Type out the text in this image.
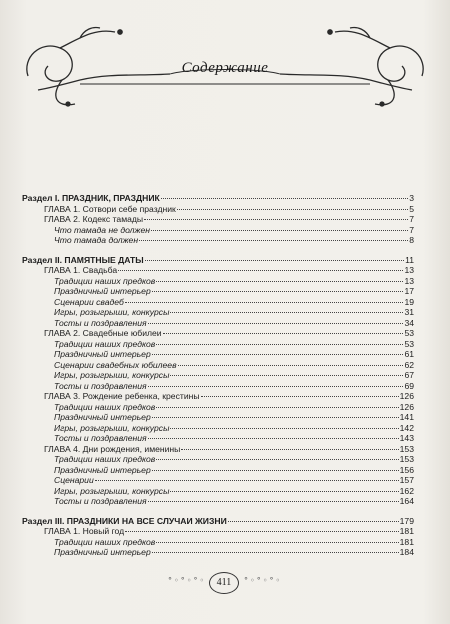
Содержание
Раздел I. ПРАЗДНИК, ПРАЗДНИК	3
ГЛАВА 1. Сотвори себе праздник	5
ГЛАВА 2. Кодекс тамады	7
Что тамада не должен	7
Что тамада должен	8
Раздел II. ПАМЯТНЫЕ ДАТЫ	11
ГЛАВА 1. Свадьба	13
Традиции наших предков	13
Праздничный интерьер	17
Сценарии свадеб	19
Игры, розыгрыши, конкурсы	31
Тосты и поздравления	34
ГЛАВА 2. Свадебные юбилеи	53
Традиции наших предков	53
Праздничный интерьер	61
Сценарии свадебных юбилеев	62
Игры, розыгрыши, конкурсы	67
Тосты и поздравления	69
ГЛАВА 3. Рождение ребенка, крестины	126
Традиции наших предков	126
Праздничный интерьер	141
Игры, розыгрыши, конкурсы	142
Тосты и поздравления	143
ГЛАВА 4. Дни рождения, именины	153
Традиции наших предков	153
Праздничный интерьер	156
Сценарии	157
Игры, розыгрыши, конкурсы	162
Тосты и поздравления	164
Раздел III. ПРАЗДНИКИ НА ВСЕ СЛУЧАИ ЖИЗНИ	179
ГЛАВА 1. Новый год	181
Традиции наших предков	181
Праздничный интерьер	184
°◦°◦°◦	411	°◦°◦°◦
